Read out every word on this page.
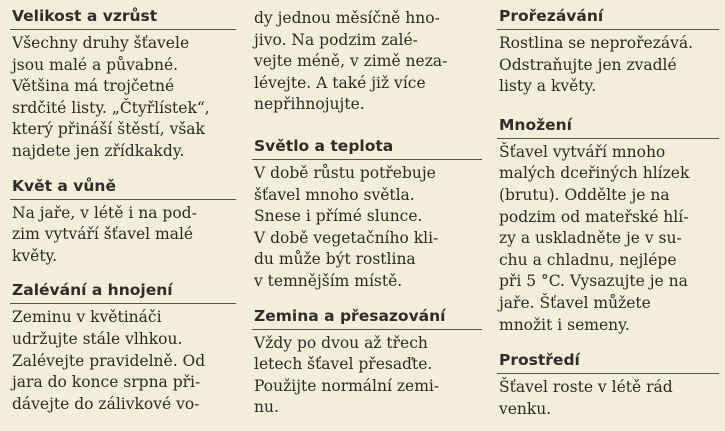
Velikost a vzrůst

Všechny druhy šťavele
jsou malé a půvabné.
Většina má trojčetné
srdčité listy. „Čtyřlístek“,
který přináší štěstí, však
najdete jen zřídkakdy.

Květ a vůně

Na jaře, v létě i na pod-
zim vytváří šťavel malé
květy.

Zalévání a hnojení

Zeminu v květináči
udržujte stále vlhkou.
Zalévejte pravidelně. Od
jara do konce srpna při-
dávejte do zálivkové vo-

dy jednou měsíčně hno-
jivo. Na podzim zalé-
vejte méně, v zimě neza-
lévejte. A také již více
nepřihnojujte.

Světlo a teplota

V době růstu potřebuje
šťavel mnoho světla.
Snese i přímé slunce.
V době vegetačního kli-
du může být rostlina
v temnějším místě.

Zemina a přesazování

Vždy po dvou až třech
letech šťavel přesaďte.
Použijte normální zemi-
nu.

Prořezávání

Rostlina se neprořezává.
Odstraňujte jen zvadlé
listy a květy.

Množení

Šťavel vytváří mnoho
malých dceřiných hlízek
(brutu). Oddělte je na
podzim od mateřské hlí-
zy a uskladněte je v su-
chu a chladnu, nejlépe
při 5 °C. Vysazujte je na
jaře. Šťavel můžete
množit i semeny.

Prostředí

Šťavel roste v létě rád
venku.
